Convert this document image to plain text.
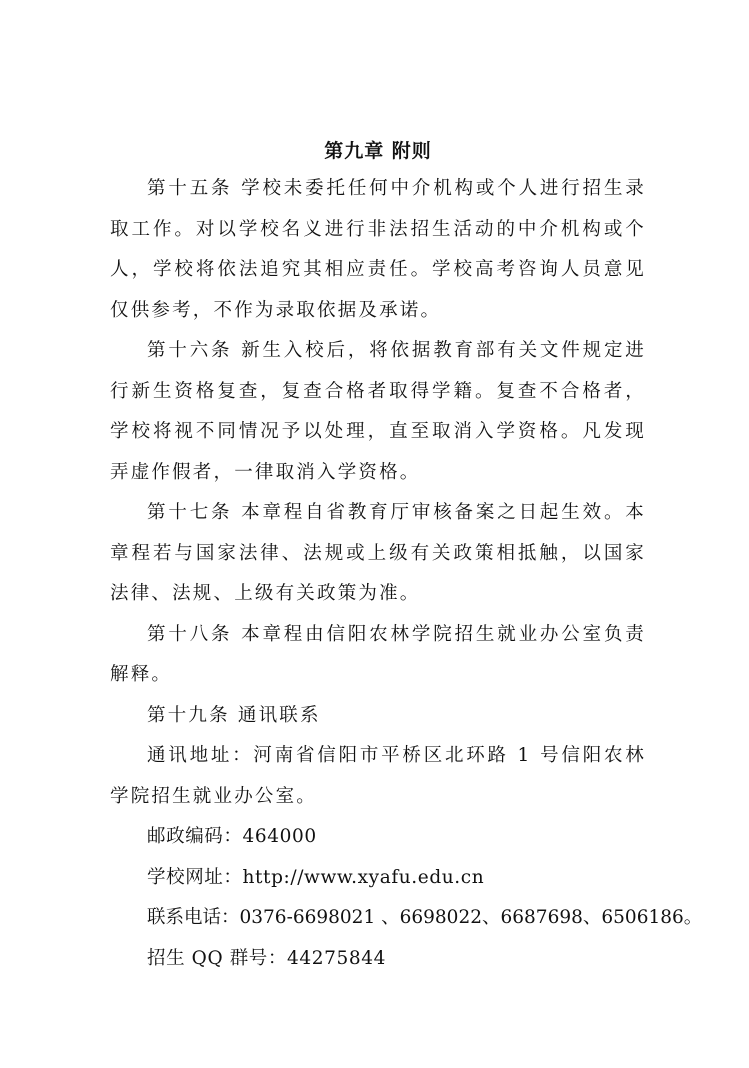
第九章 附则

第十五条 学校未委托任何中介机构或个人进行招生录取工作。对以学校名义进行非法招生活动的中介机构或个人，学校将依法追究其相应责任。学校高考咨询人员意见仅供参考，不作为录取依据及承诺。

第十六条 新生入校后，将依据教育部有关文件规定进行新生资格复查，复查合格者取得学籍。复查不合格者，学校将视不同情况予以处理，直至取消入学资格。凡发现弄虚作假者，一律取消入学资格。

第十七条 本章程自省教育厅审核备案之日起生效。本章程若与国家法律、法规或上级有关政策相抵触，以国家法律、法规、上级有关政策为准。

第十八条 本章程由信阳农林学院招生就业办公室负责解释。

第十九条 通讯联系

通讯地址：河南省信阳市平桥区北环路 1 号信阳农林学院招生就业办公室。

邮政编码：464000

学校网址：http://www.xyafu.edu.cn

联系电话：0376-6698021 、6698022、6687698、6506186。

招生 QQ 群号：44275844
